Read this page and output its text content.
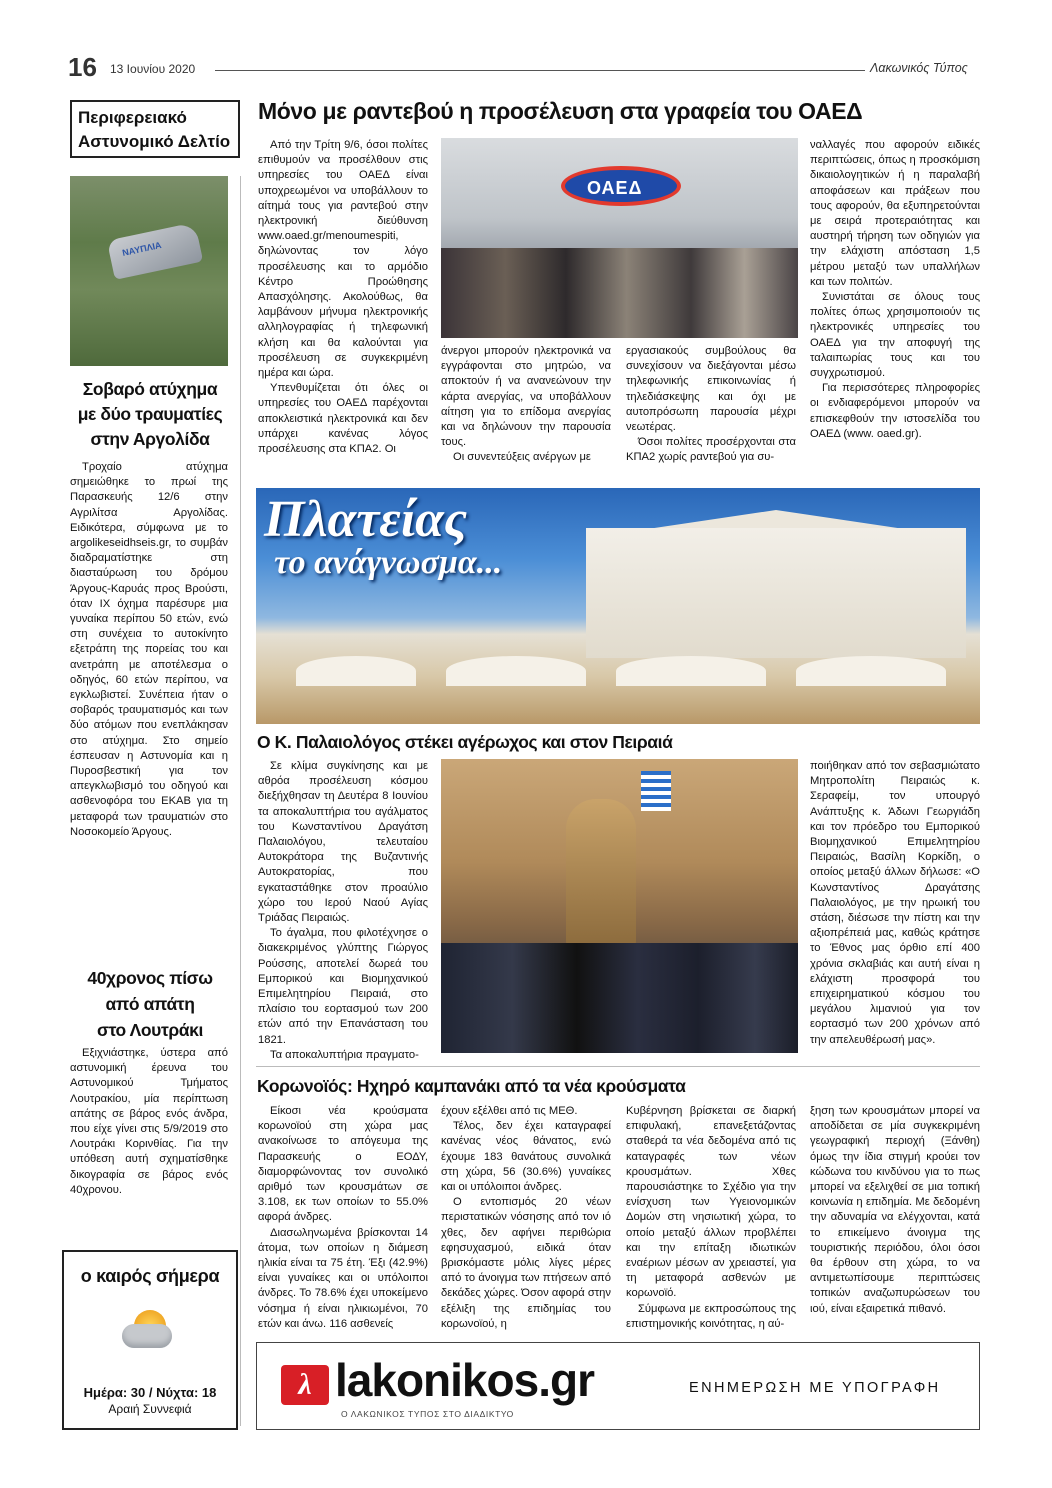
16 13 Ιουνίου 2020	Λακωνικός Τύπος
Περιφερειακό
Αστυνομικό Δελτίο
ΝΑΥΠΛΙΑ
Σοβαρό ατύχημα
με δύο τραυματίες
στην Αργολίδα

Τροχαίο ατύχημα σημειώθηκε το πρωί της Παρασκευής 12/6 στην Αγριλίτσα Αργολίδας. Ειδικότερα, σύμφωνα με το argolikeseidhseis.gr, το συμβάν διαδραματίστηκε στη διασταύρωση του δρόμου Άργους-Καρυάς προς Βρούστι, όταν ΙΧ όχημα παρέσυρε μια γυναίκα περίπου 50 ετών, ενώ στη συνέχεια το αυτοκίνητο εξετράπη της πορείας του και ανετράπη με αποτέλεσμα ο οδηγός, 60 ετών περίπου, να εγκλωβιστεί. Συνέπεια ήταν ο σοβαρός τραυματισμός και των δύο ατόμων που ενεπλάκησαν στο ατύχημα. Στο σημείο έσπευσαν η Αστυνομία και η Πυροσβεστική για τον απεγκλωβισμό του οδηγού και ασθενοφόρα του ΕΚΑΒ για τη μεταφορά των τραυματιών στο Νοσοκομείο Άργους.

40χρονος πίσω
από απάτη
στο Λουτράκι

Εξιχνιάστηκε, ύστερα από αστυνομική έρευνα του Αστυνομικού Τμήματος Λουτρακίου, μία περίπτωση απάτης σε βάρος ενός άνδρα, που είχε γίνει στις 5/9/2019 στο Λουτράκι Κορινθίας. Για την υπόθεση αυτή σχηματίσθηκε δικογραφία σε βάρος ενός 40χρονου.

ο καιρός σήμερα
Ημέρα: 30 / Νύχτα: 18
Αραιή Συννεφιά
Μόνο με ραντεβού η προσέλευση στα γραφεία του ΟΑΕΔ

Από την Τρίτη 9/6, όσοι πολίτες επιθυμούν να προσέλθουν στις υπηρεσίες του ΟΑΕΔ είναι υποχρεωμένοι να υποβάλλουν το αίτημά τους για ραντεβού στην ηλεκτρονική διεύθυνση www.oaed.gr/menoumespiti, δηλώνοντας τον λόγο προσέλευσης και το αρμόδιο Κέντρο Προώθησης Απασχόλησης. Ακολούθως, θα λαμβάνουν μήνυμα ηλεκτρονικής αλληλογραφίας ή τηλεφωνική κλήση και θα καλούνται για προσέλευση σε συγκεκριμένη ημέρα και ώρα.

Υπενθυμίζεται ότι όλες οι υπηρεσίες του ΟΑΕΔ παρέχονται αποκλειστικά ηλεκτρονικά και δεν υπάρχει κανένας λόγος προσέλευσης στα ΚΠΑ2. Οι

ΟΑΕΔ

άνεργοι μπορούν ηλεκτρονικά να εγγράφονται στο μητρώο, να αποκτούν ή να ανανεώνουν την κάρτα ανεργίας, να υποβάλλουν αίτηση για το επίδομα ανεργίας και να δηλώνουν την παρουσία τους.

Οι συνεντεύξεις ανέργων με

εργασιακούς συμβούλους θα συνεχίσουν να διεξάγονται μέσω τηλεφωνικής επικοινωνίας ή τηλεδιάσκεψης και όχι με αυτοπρόσωπη παρουσία μέχρι νεωτέρας.

Όσοι πολίτες προσέρχονται στα ΚΠΑ2 χωρίς ραντεβού για συ-

ναλλαγές που αφορούν ειδικές περιπτώσεις, όπως η προσκόμιση δικαιολογητικών ή η παραλαβή αποφάσεων και πράξεων που τους αφορούν, θα εξυπηρετούνται με σειρά προτεραιότητας και αυστηρή τήρηση των οδηγιών για την ελάχιστη απόσταση 1,5 μέτρου μεταξύ των υπαλλήλων και των πολιτών.

Συνιστάται σε όλους τους πολίτες όπως χρησιμοποιούν τις ηλεκτρονικές υπηρεσίες του ΟΑΕΔ για την αποφυγή της ταλαιπωρίας τους και του συγχρωτισμού.

Για περισσότερες πληροφορίες οι ενδιαφερόμενοι μπορούν να επισκεφθούν την ιστοσελίδα του ΟΑΕΔ (www. oaed.gr).

Πλατείας
το ανάγνωσμα...
Ο Κ. Παλαιολόγος στέκει αγέρωχος και στον Πειραιά

Σε κλίμα συγκίνησης και με αθρόα προσέλευση κόσμου διεξήχθησαν τη Δευτέρα 8 Ιουνίου τα αποκαλυπτήρια του αγάλματος του Κωνσταντίνου Δραγάτση Παλαιολόγου, τελευταίου Αυτοκράτορα της Βυζαντινής Αυτοκρατορίας, που εγκαταστάθηκε στον προαύλιο χώρο του Ιερού Ναού Αγίας Τριάδας Πειραιώς.

Το άγαλμα, που φιλοτέχνησε ο διακεκριμένος γλύπτης Γιώργος Ρούσσης, αποτελεί δωρεά του Εμπορικού και Βιομηχανικού Επιμελητηρίου Πειραιά, στο πλαίσιο του εορτασμού των 200 ετών από την Επανάσταση του 1821.

Τα αποκαλυπτήρια πραγματο-

ποιήθηκαν από τον σεβασμιώτατο Μητροπολίτη Πειραιώς κ. Σεραφείμ, τον υπουργό Ανάπτυξης κ. Άδωνι Γεωργιάδη και τον πρόεδρο του Εμπορικού Βιομηχανικού Επιμελητηρίου Πειραιώς, Βασίλη Κορκίδη, ο οποίος μεταξύ άλλων δήλωσε: «Ο Κωνσταντίνος Δραγάτσης Παλαιολόγος, με την ηρωική του στάση, διέσωσε την πίστη και την αξιοπρέπειά μας, καθώς κράτησε το Έθνος μας όρθιο επί 400 χρόνια σκλαβιάς και αυτή είναι η ελάχιστη προσφορά του επιχειρηματικού κόσμου του μεγάλου λιμανιού για τον εορτασμό των 200 χρόνων από την απελευθέρωσή μας».

Κορωνοϊός: Ηχηρό καμπανάκι από τα νέα κρούσματα

Είκοσι νέα κρούσματα κορωνοϊού στη χώρα μας ανακοίνωσε το απόγευμα της Παρασκευής ο ΕΟΔΥ, διαμορφώνοντας τον συνολικό αριθμό των κρουσμάτων σε 3.108, εκ των οποίων το 55.0% αφορά άνδρες.

Διασωληνωμένα βρίσκονται 14 άτομα, των οποίων η διάμεση ηλικία είναι τα 75 έτη. Έξι (42.9%) είναι γυναίκες και οι υπόλοιποι άνδρες. Το 78.6% έχει υποκείμενο νόσημα ή είναι ηλικιωμένοι, 70 ετών και άνω. 116 ασθενείς

έχουν εξέλθει από τις ΜΕΘ.

Τέλος, δεν έχει καταγραφεί κανένας νέος θάνατος, ενώ έχουμε 183 θανάτους συνολικά στη χώρα, 56 (30.6%) γυναίκες και οι υπόλοιποι άνδρες.

Ο εντοπισμός 20 νέων περιστατικών νόσησης από τον ιό χθες, δεν αφήνει περιθώρια εφησυχασμού, ειδικά όταν βρισκόμαστε μόλις λίγες μέρες από το άνοιγμα των πτήσεων από δεκάδες χώρες. Όσον αφορά στην εξέλιξη της επιδημίας του κορωνοϊού, η

Κυβέρνηση βρίσκεται σε διαρκή επιφυλακή, επανεξετάζοντας σταθερά τα νέα δεδομένα από τις καταγραφές των νέων κρουσμάτων. Χθες παρουσιάστηκε το Σχέδιο για την ενίσχυση των Υγειονομικών Δομών στη νησιωτική χώρα, το οποίο μεταξύ άλλων προβλέπει και την επίταξη ιδιωτικών εναέριων μέσων αν χρειαστεί, για τη μεταφορά ασθενών με κορωνοϊό.

Σύμφωνα με εκπροσώπους της επιστημονικής κοινότητας, η αύ-

ξηση των κρουσμάτων μπορεί να αποδίδεται σε μία συγκεκριμένη γεωγραφική περιοχή (Ξάνθη) όμως την ίδια στιγμή κρούει τον κώδωνα του κινδύνου για το πως μπορεί να εξελιχθεί σε μια τοπική κοινωνία η επιδημία. Με δεδομένη την αδυναμία να ελέγχονται, κατά το επικείμενο άνοιγμα της τουριστικής περιόδου, όλοι όσοι θα έρθουν στη χώρα, το να αντιμετωπίσουμε περιπτώσεις τοπικών αναζωπυρώσεων του ιού, είναι εξαιρετικά πιθανό.

λ lakonikos.gr
Ο ΛΑΚΩΝΙΚΟΣ ΤΥΠΟΣ ΣΤΟ ΔΙΑΔΙΚΤΥΟ
ΕΝΗΜΕΡΩΣΗ ΜΕ ΥΠΟΓΡΑΦΗ
